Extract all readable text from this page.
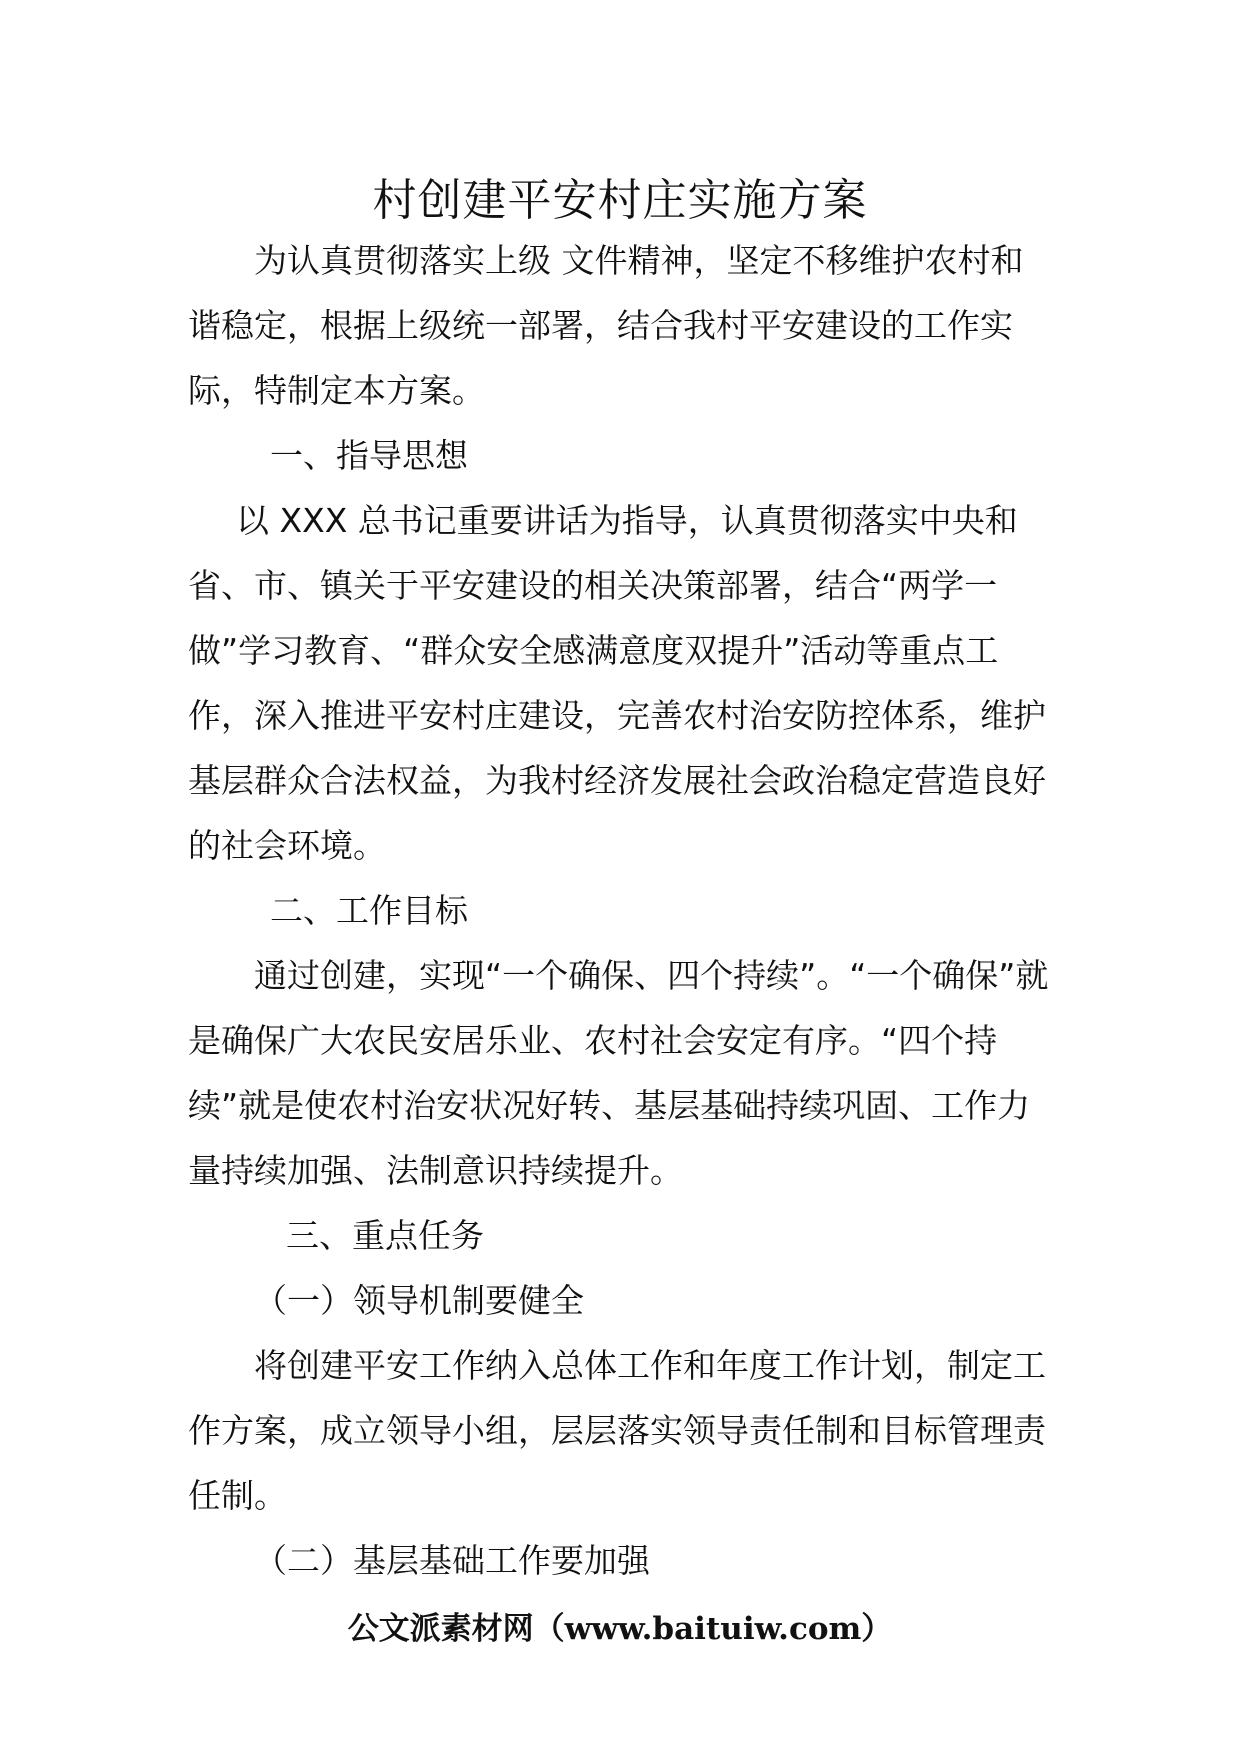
村创建平安村庄实施方案

为认真贯彻落实上级 文件精神，坚定不移维护农村和谐稳定，根据上级统一部署，结合我村平安建设的工作实际，特制定本方案。

一、指导思想

以 XXX 总书记重要讲话为指导，认真贯彻落实中央和省、市、镇关于平安建设的相关决策部署，结合“两学一做”学习教育、“群众安全感满意度双提升”活动等重点工作，深入推进平安村庄建设，完善农村治安防控体系，维护基层群众合法权益，为我村经济发展社会政治稳定营造良好的社会环境。

二、工作目标

通过创建，实现“一个确保、四个持续”。“一个确保”就是确保广大农民安居乐业、农村社会安定有序。“四个持续”就是使农村治安状况好转、基层基础持续巩固、工作力量持续加强、法制意识持续提升。

三、重点任务

（一）领导机制要健全

将创建平安工作纳入总体工作和年度工作计划，制定工作方案，成立领导小组，层层落实领导责任制和目标管理责任制。

（二）基层基础工作要加强

公文派素材网（www.baituiw.com）
